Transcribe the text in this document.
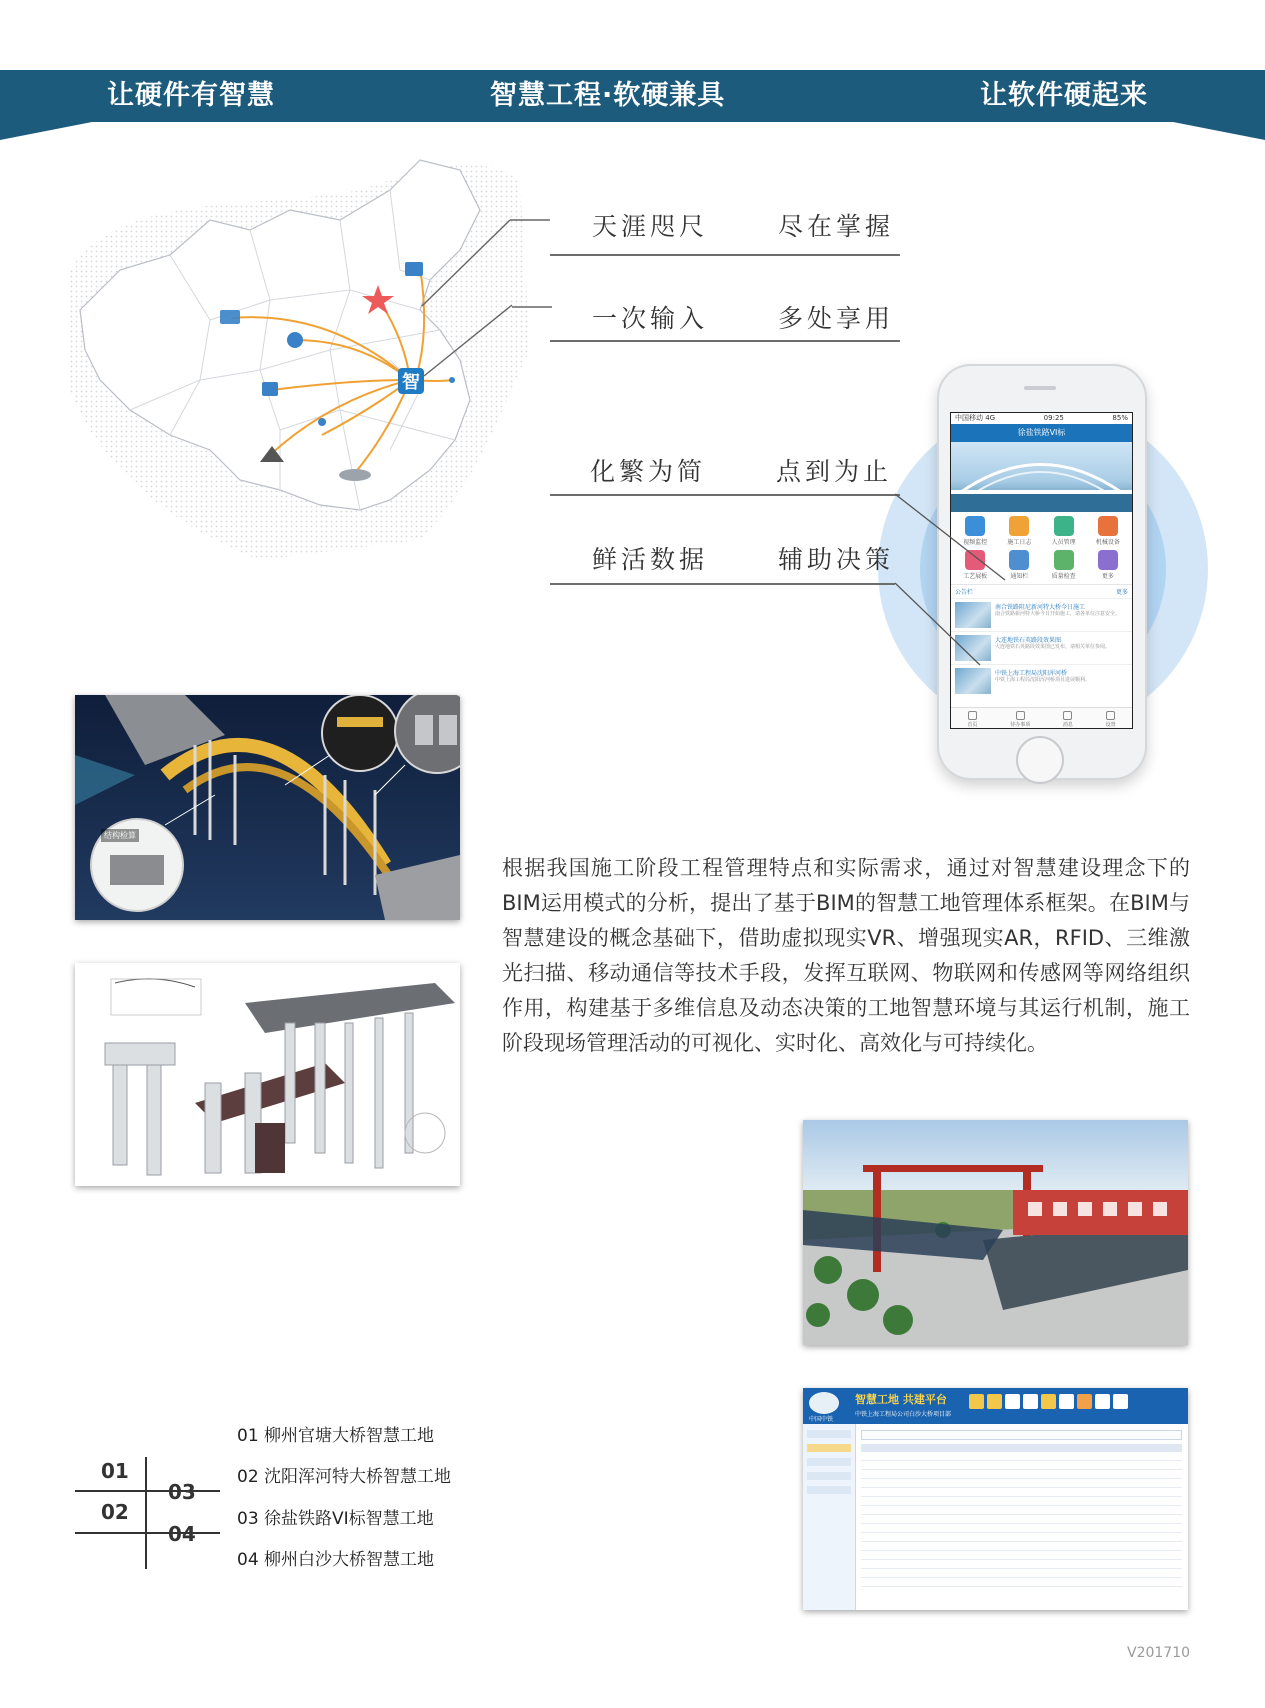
让硬件有智慧	智慧工程·软硬兼具	让软件硬起来
智
天涯咫尺	尽在掌握
一次输入	多处享用
中国移动 4G	09:25	85%
徐盐铁路VI标
视频监控	施工日志	人员管理	机械设备
工艺展板	通知栏	质量检查	更多
公告栏	更多
南合铁路阻尼新河特大桥今日施工
南合铁路新河特大桥今日开始施工，请各单位注意安全。
大连地铁石英路段效果图
大连地铁石英路段效果图已发布，请相关单位参阅。
中铁上海工程局沈阳浑河桥
中铁上海工程局沈阳浑河桥项目进展顺利。
首页	待办事项	消息	设置
化繁为简	点到为止
鲜活数据	辅助决策
结构检算
根据我国施工阶段工程管理特点和实际需求，通过对智慧建设理念下的BIM运用模式的分析，提出了基于BIM的智慧工地管理体系框架。在BIM与智慧建设的概念基础下，借助虚拟现实VR、增强现实AR，RFID、三维激光扫描、移动通信等技术手段，发挥互联网、物联网和传感网等网络组织作用，构建基于多维信息及动态决策的工地智慧环境与其运行机制，施工阶段现场管理活动的可视化、实时化、高效化与可持续化。
01 柳州官塘大桥智慧工地
02 沈阳浑河特大桥智慧工地
03 徐盐铁路VI标智慧工地
04 柳州白沙大桥智慧工地
01
02
03
04
中国中铁
智慧工地 共建平台
中铁上海工程局公司白沙大桥项目部
V201710
